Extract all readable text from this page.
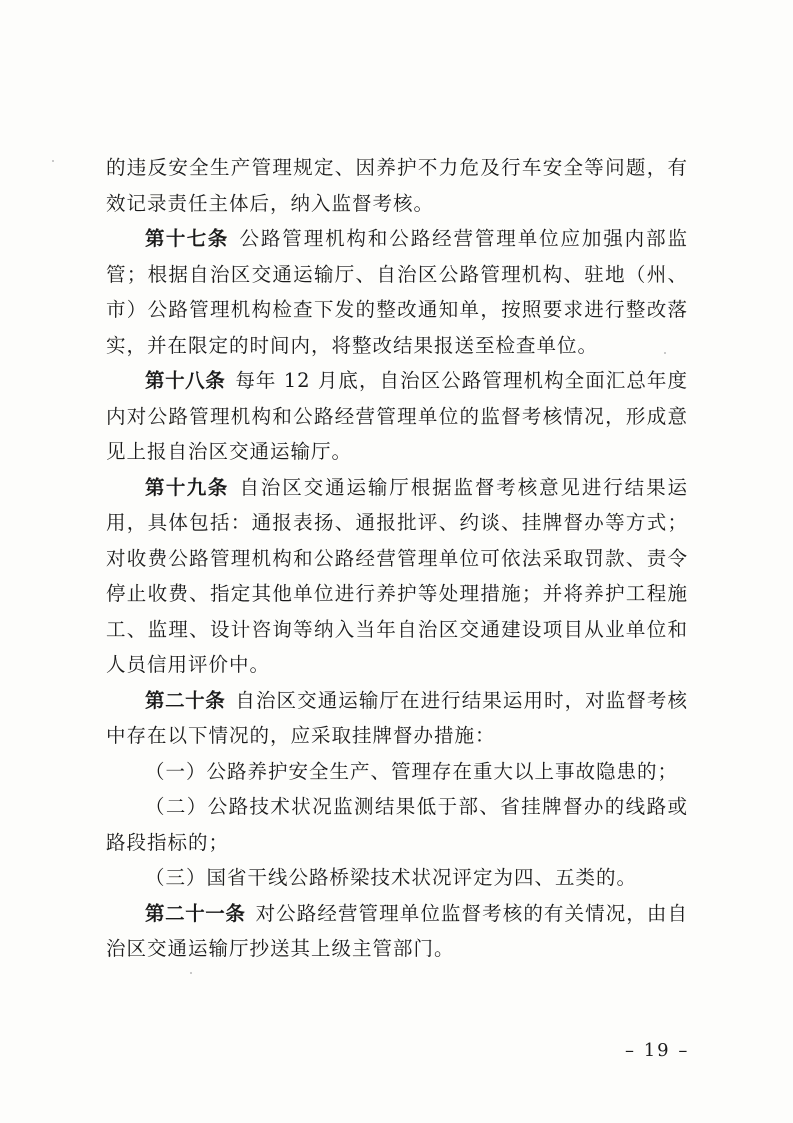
的违反安全生产管理规定、因养护不力危及行车安全等问题，有效记录责任主体后，纳入监督考核。

第十七条 公路管理机构和公路经营管理单位应加强内部监管；根据自治区交通运输厅、自治区公路管理机构、驻地（州、市）公路管理机构检查下发的整改通知单，按照要求进行整改落实，并在限定的时间内，将整改结果报送至检查单位。

第十八条 每年 12 月底，自治区公路管理机构全面汇总年度内对公路管理机构和公路经营管理单位的监督考核情况，形成意见上报自治区交通运输厅。

第十九条 自治区交通运输厅根据监督考核意见进行结果运用，具体包括：通报表扬、通报批评、约谈、挂牌督办等方式；对收费公路管理机构和公路经营管理单位可依法采取罚款、责令停止收费、指定其他单位进行养护等处理措施；并将养护工程施工、监理、设计咨询等纳入当年自治区交通建设项目从业单位和人员信用评价中。

第二十条 自治区交通运输厅在进行结果运用时，对监督考核中存在以下情况的，应采取挂牌督办措施：

（一）公路养护安全生产、管理存在重大以上事故隐患的；

（二）公路技术状况监测结果低于部、省挂牌督办的线路或路段指标的；

（三）国省干线公路桥梁技术状况评定为四、五类的。

第二十一条 对公路经营管理单位监督考核的有关情况，由自治区交通运输厅抄送其上级主管部门。

– 19 –
